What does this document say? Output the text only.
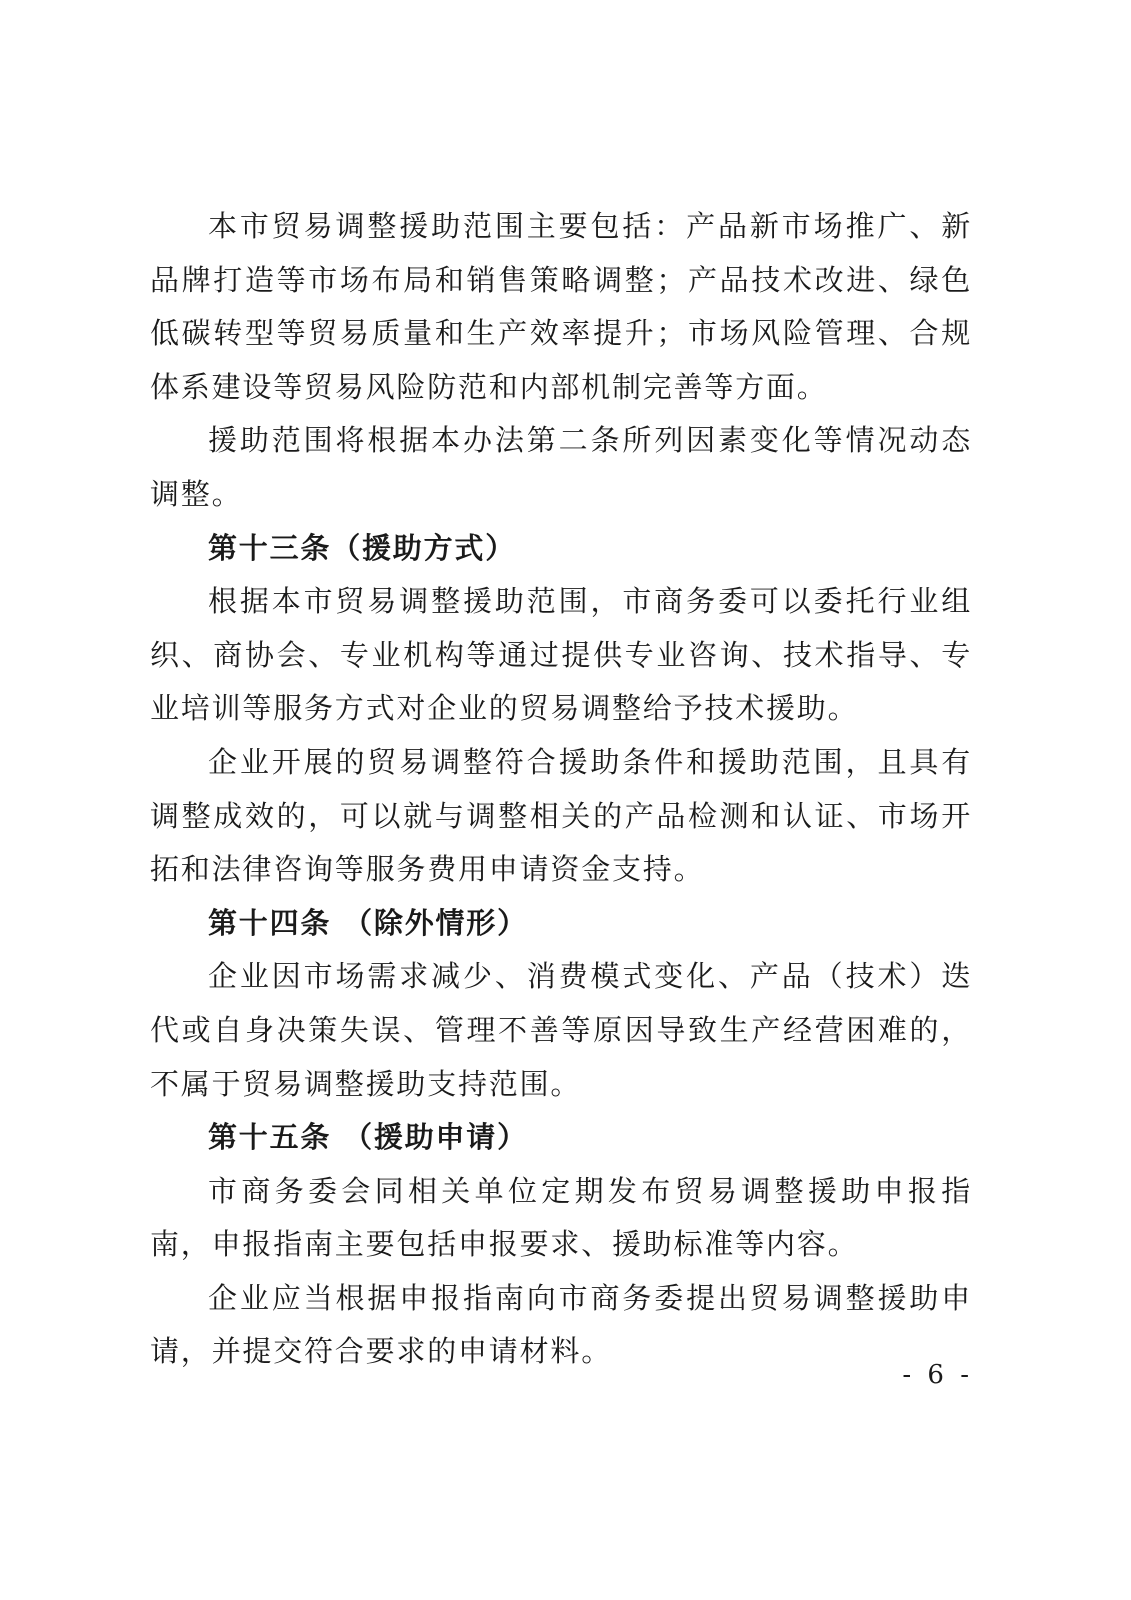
本市贸易调整援助范围主要包括：产品新市场推广、新品牌打造等市场布局和销售策略调整；产品技术改进、绿色低碳转型等贸易质量和生产效率提升；市场风险管理、合规体系建设等贸易风险防范和内部机制完善等方面。

援助范围将根据本办法第二条所列因素变化等情况动态调整。

第十三条（援助方式）

根据本市贸易调整援助范围，市商务委可以委托行业组织、商协会、专业机构等通过提供专业咨询、技术指导、专业培训等服务方式对企业的贸易调整给予技术援助。

企业开展的贸易调整符合援助条件和援助范围，且具有调整成效的，可以就与调整相关的产品检测和认证、市场开拓和法律咨询等服务费用申请资金支持。

第十四条 （除外情形）

企业因市场需求减少、消费模式变化、产品（技术）迭代或自身决策失误、管理不善等原因导致生产经营困难的，不属于贸易调整援助支持范围。

第十五条 （援助申请）

市商务委会同相关单位定期发布贸易调整援助申报指南，申报指南主要包括申报要求、援助标准等内容。

企业应当根据申报指南向市商务委提出贸易调整援助申请，并提交符合要求的申请材料。

- 6 -
